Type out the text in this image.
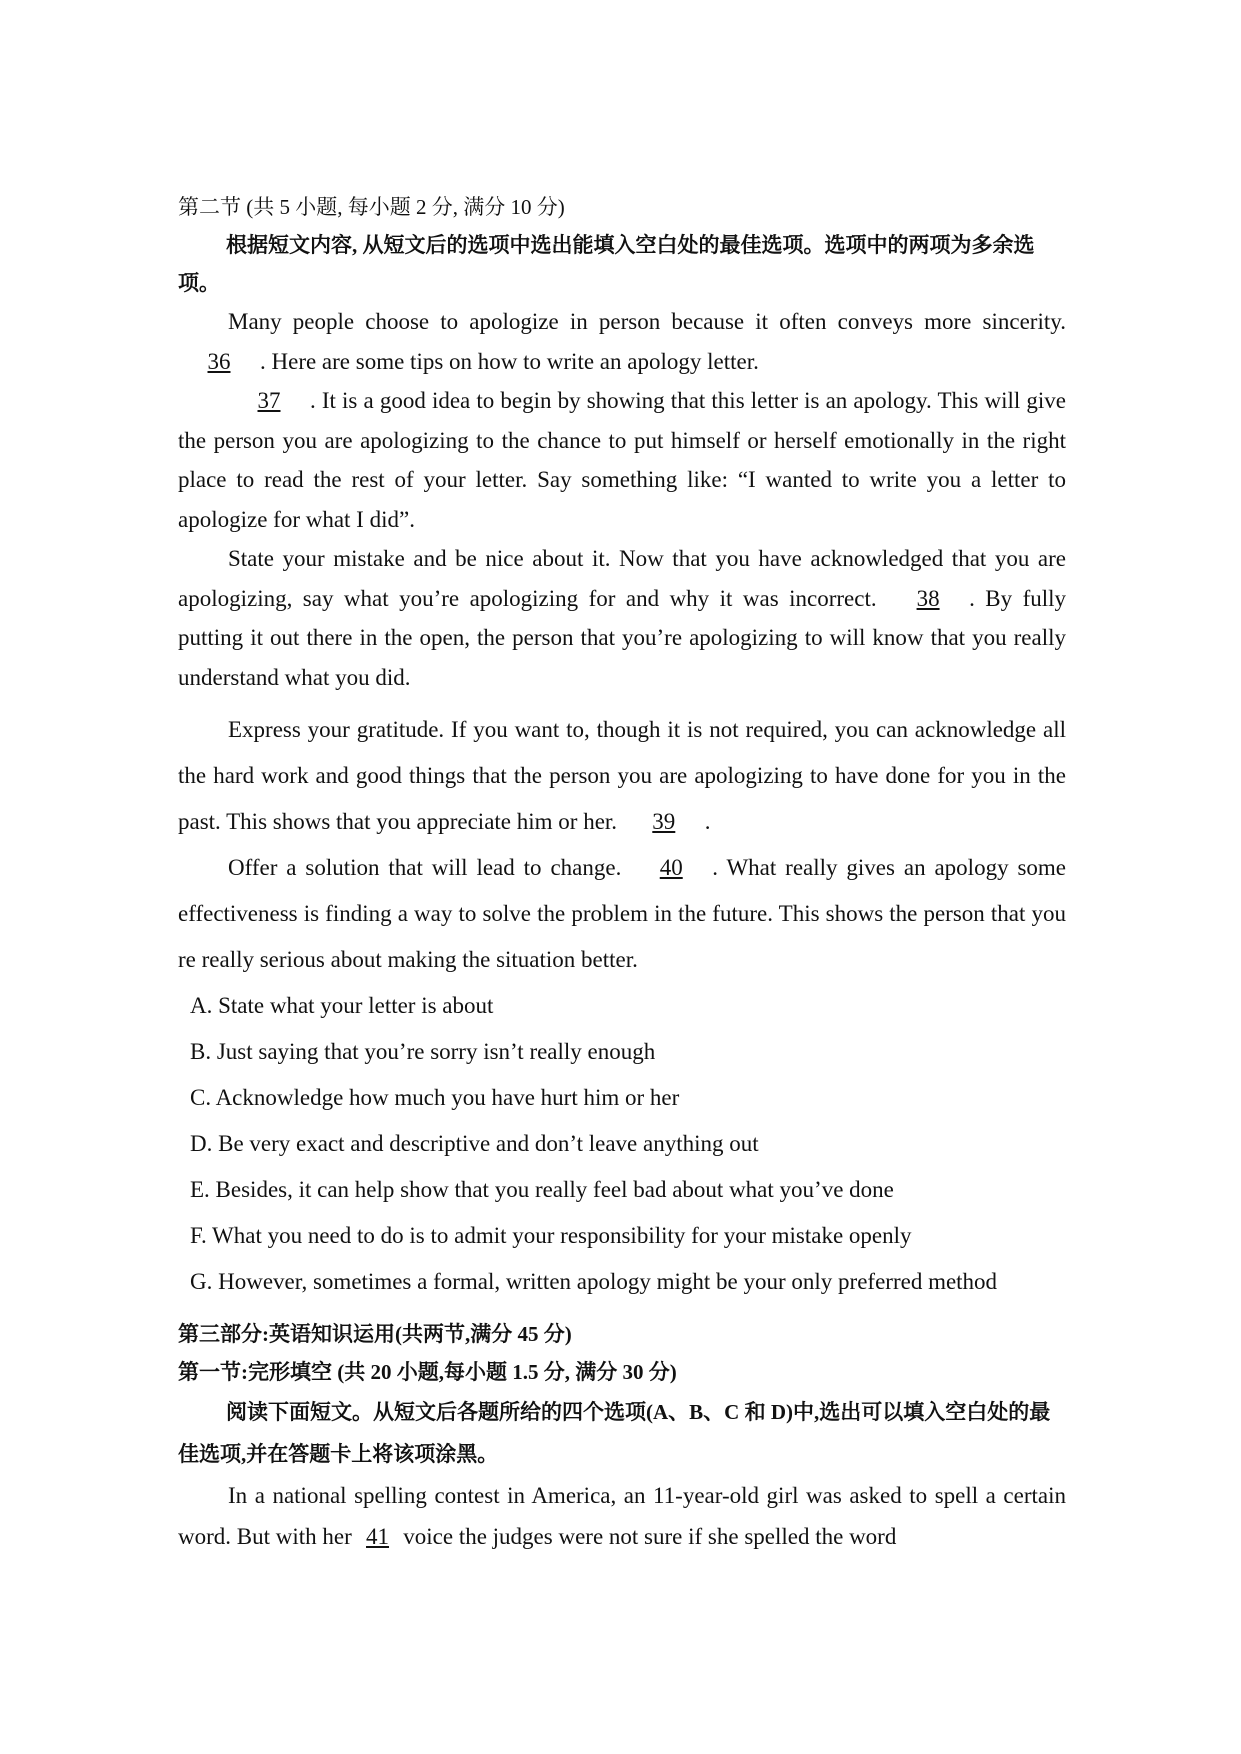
第二节 (共 5 小题, 每小题 2 分, 满分 10 分)

根据短文内容, 从短文后的选项中选出能填入空白处的最佳选项。选项中的两项为多余选项。

Many people choose to apologize in person because it often conveys more sincerity. 36 . Here are some tips on how to write an apology letter.

37 . It is a good idea to begin by showing that this letter is an apology. This will give the person you are apologizing to the chance to put himself or herself emotionally in the right place to read the rest of your letter. Say something like: “I wanted to write you a letter to apologize for what I did”.

State your mistake and be nice about it. Now that you have acknowledged that you are apologizing, say what you’re apologizing for and why it was incorrect. 38 . By fully putting it out there in the open, the person that you’re apologizing to will know that you really understand what you did.

Express your gratitude. If you want to, though it is not required, you can acknowledge all the hard work and good things that the person you are apologizing to have done for you in the past. This shows that you appreciate him or her. 39 .

Offer a solution that will lead to change. 40 . What really gives an apology some effectiveness is finding a way to solve the problem in the future. This shows the person that you re really serious about making the situation better.

A. State what your letter is about

B. Just saying that you’re sorry isn’t really enough

C. Acknowledge how much you have hurt him or her

D. Be very exact and descriptive and don’t leave anything out

E. Besides, it can help show that you really feel bad about what you’ve done

F. What you need to do is to admit your responsibility for your mistake openly

G. However, sometimes a formal, written apology might be your only preferred method

第三部分:英语知识运用(共两节,满分 45 分)

第一节:完形填空 (共 20 小题,每小题 1.5 分, 满分 30 分)

阅读下面短文。从短文后各题所给的四个选项(A、B、C 和 D)中,选出可以填入空白处的最佳选项,并在答题卡上将该项涂黑。

In a national spelling contest in America, an 11-year-old girl was asked to spell a certain word. But with her 41 voice the judges were not sure if she spelled the word
